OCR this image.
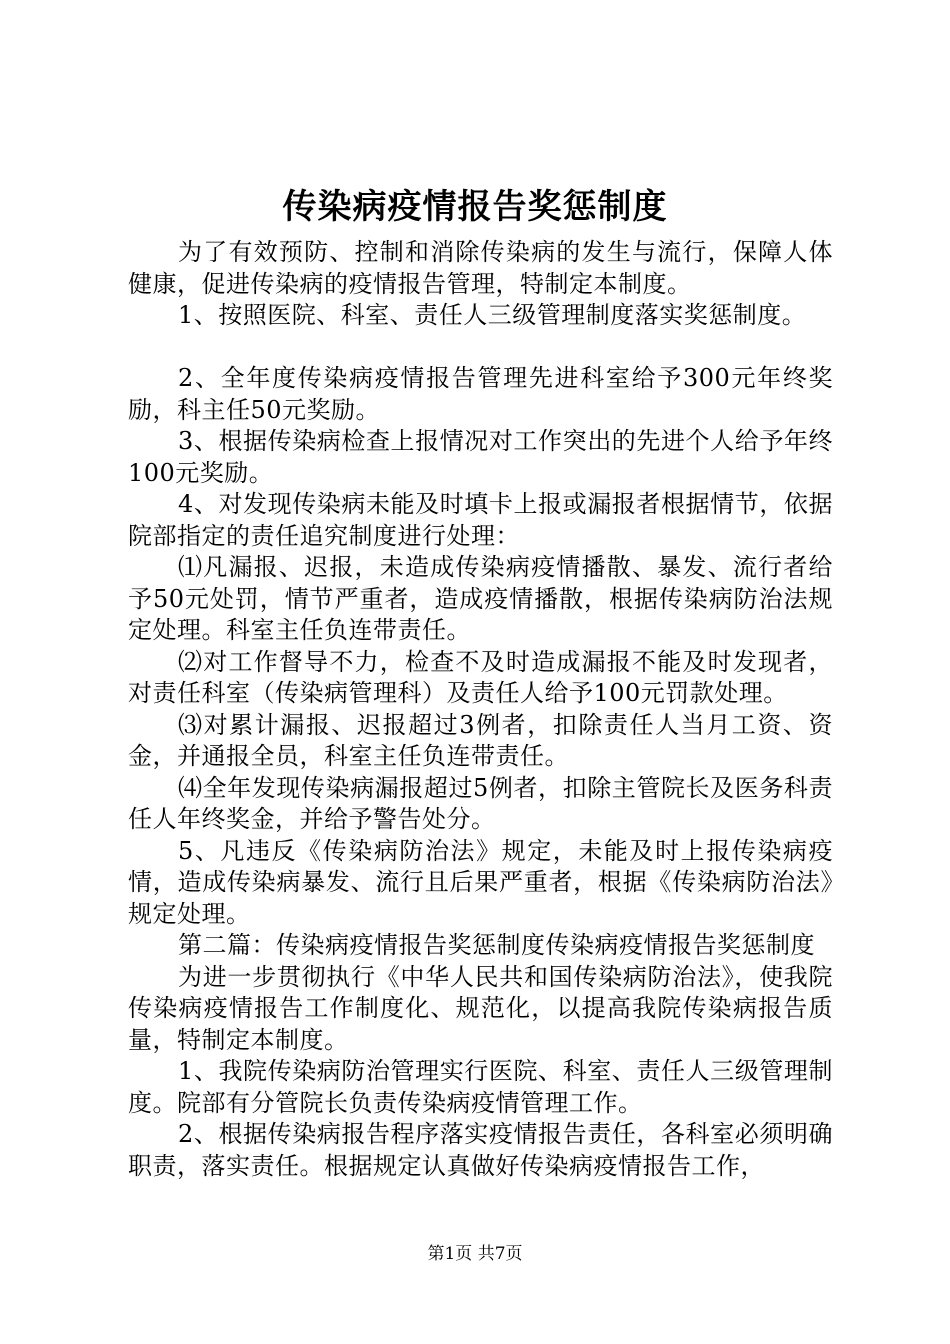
传染病疫情报告奖惩制度

为了有效预防、控制和消除传染病的发生与流行，保障人体健康，促进传染病的疫情报告管理，特制定本制度。

1、按照医院、科室、责任人三级管理制度落实奖惩制度。

2、全年度传染病疫情报告管理先进科室给予300元年终奖励，科主任50元奖励。

3、根据传染病检查上报情况对工作突出的先进个人给予年终100元奖励。

4、对发现传染病未能及时填卡上报或漏报者根据情节，依据院部指定的责任追究制度进行处理：

⑴凡漏报、迟报，未造成传染病疫情播散、暴发、流行者给予50元处罚，情节严重者，造成疫情播散，根据传染病防治法规定处理。科室主任负连带责任。

⑵对工作督导不力，检查不及时造成漏报不能及时发现者，对责任科室（传染病管理科）及责任人给予100元罚款处理。

⑶对累计漏报、迟报超过3例者，扣除责任人当月工资、资金，并通报全员，科室主任负连带责任。

⑷全年发现传染病漏报超过5例者，扣除主管院长及医务科责任人年终奖金，并给予警告处分。

5、凡违反《传染病防治法》规定，未能及时上报传染病疫情，造成传染病暴发、流行且后果严重者，根据《传染病防治法》规定处理。

第二篇：传染病疫情报告奖惩制度传染病疫情报告奖惩制度

为进一步贯彻执行《中华人民共和国传染病防治法》，使我院传染病疫情报告工作制度化、规范化，以提高我院传染病报告质量，特制定本制度。

1、我院传染病防治管理实行医院、科室、责任人三级管理制度。院部有分管院长负责传染病疫情管理工作。

2、根据传染病报告程序落实疫情报告责任，各科室必须明确职责，落实责任。根据规定认真做好传染病疫情报告工作，

第1页 共7页
